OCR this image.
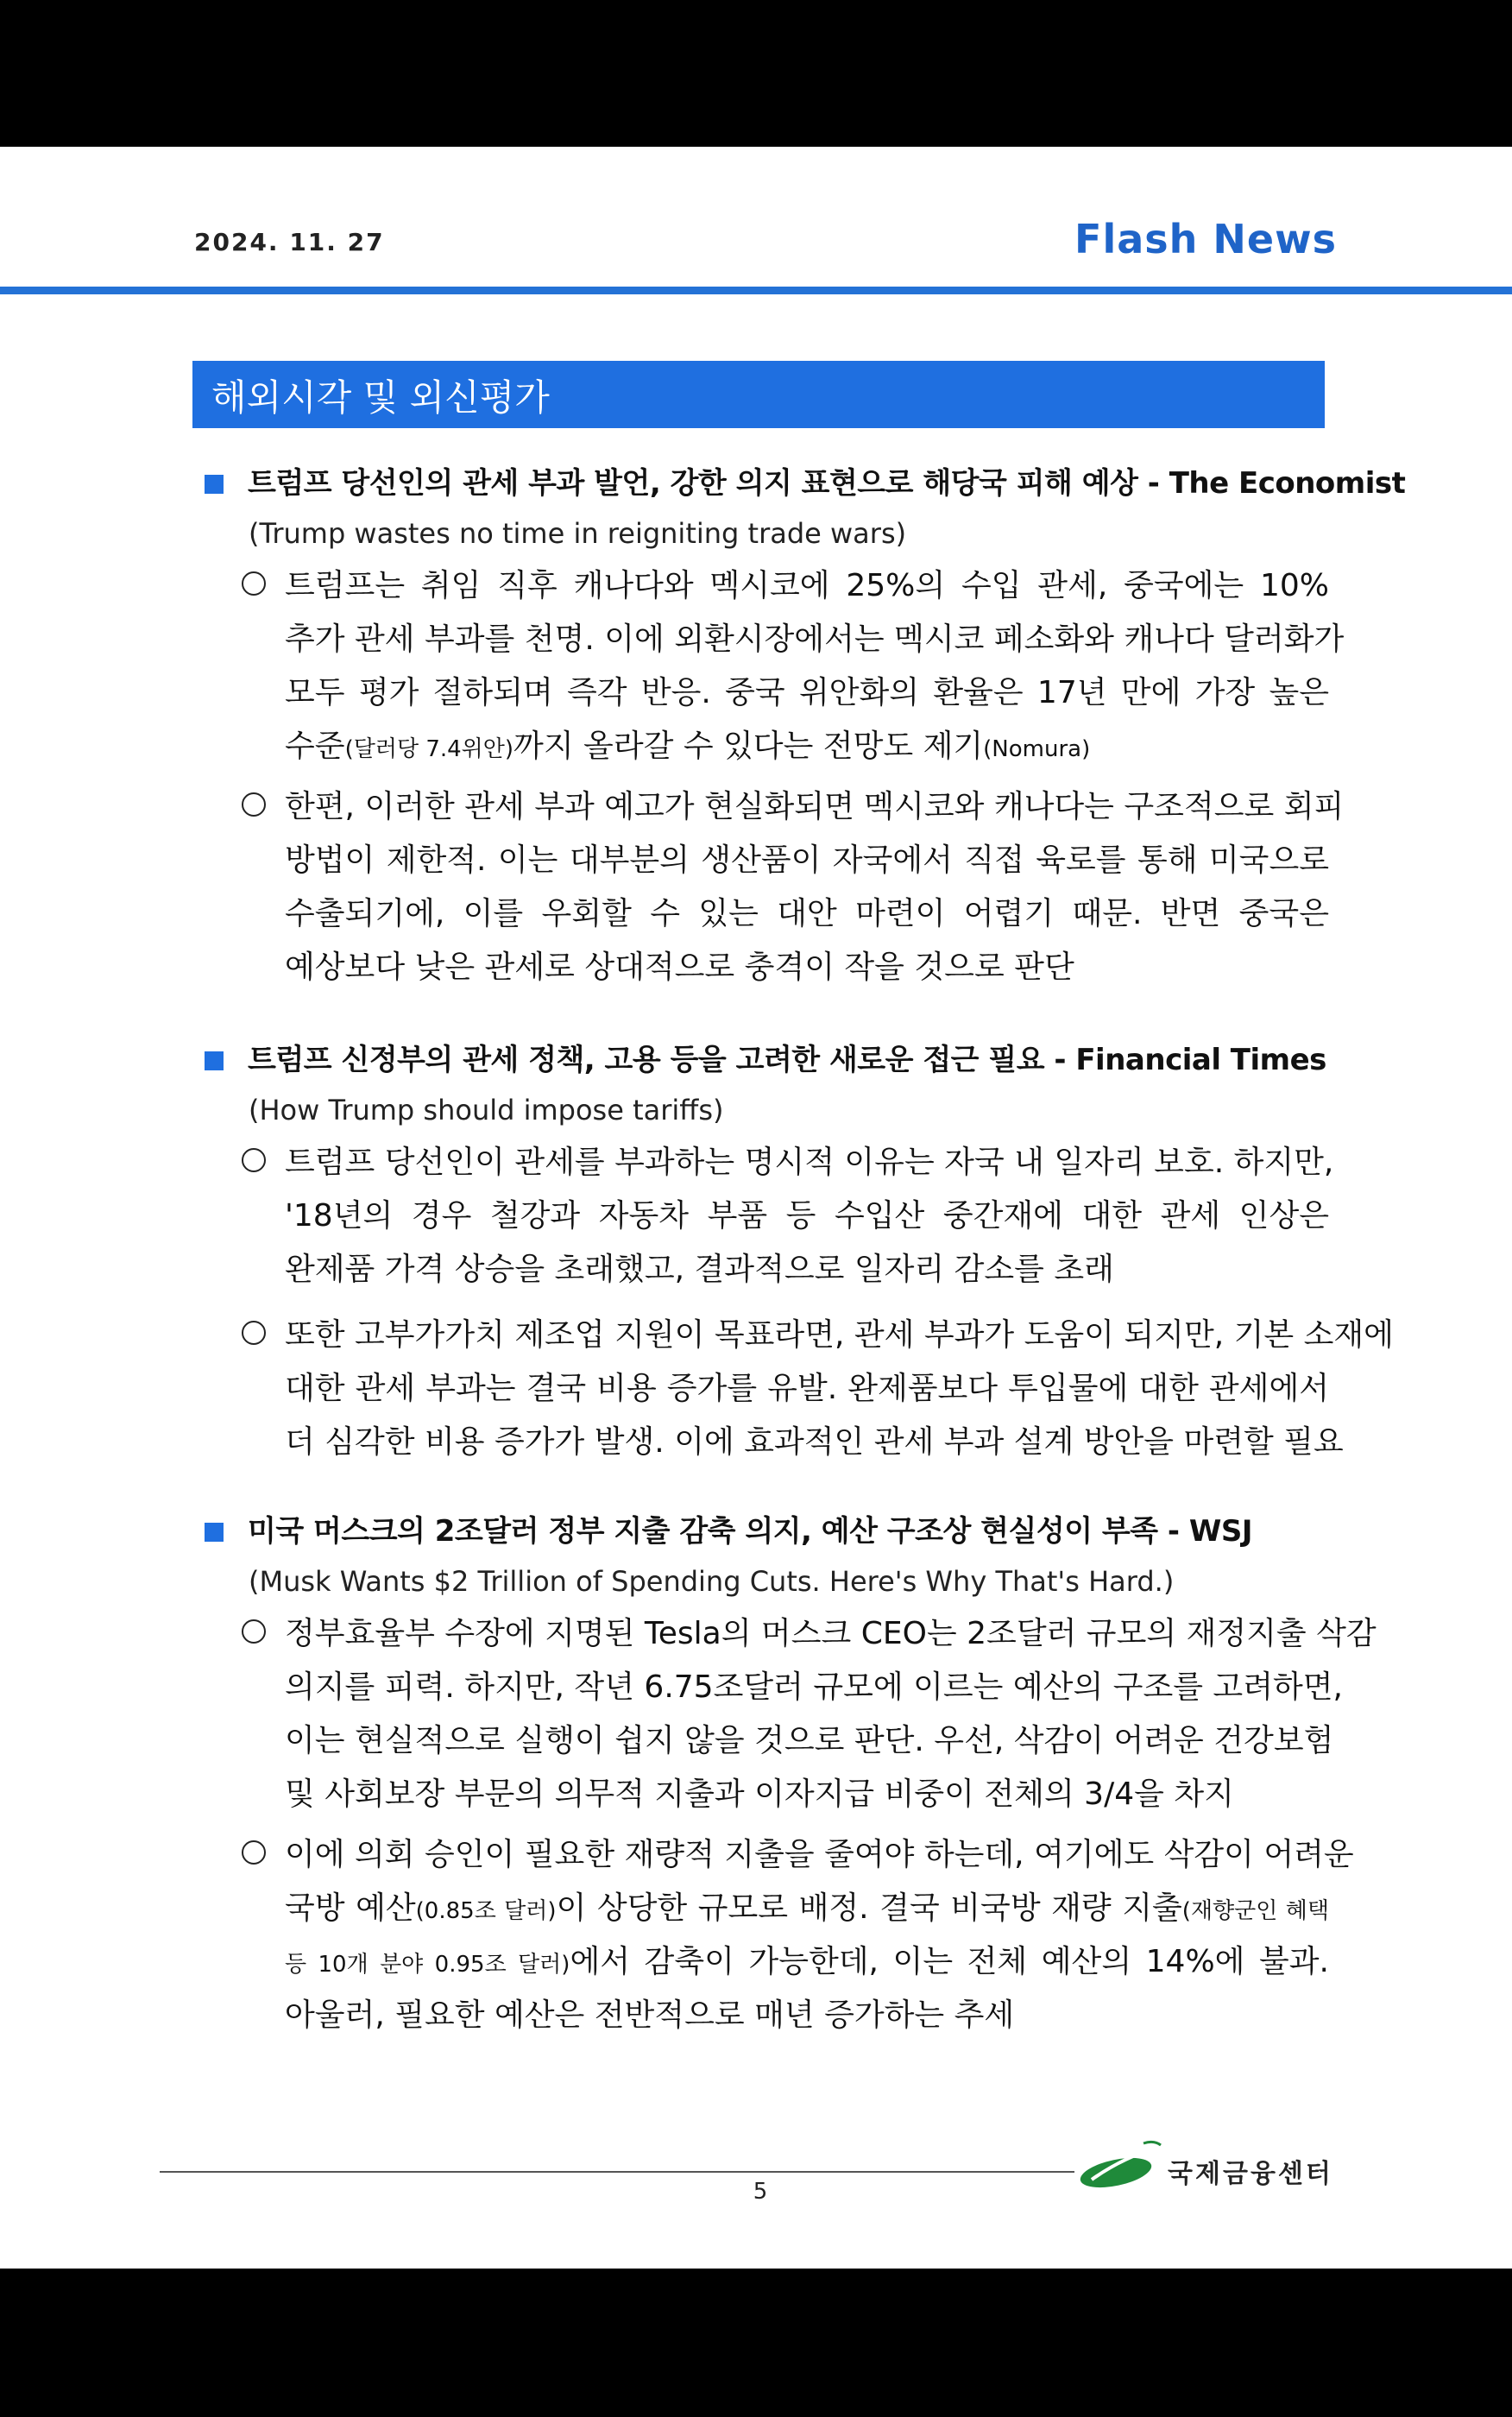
2024. 11. 27	Flash News
해외시각 및 외신평가
트럼프 당선인의 관세 부과 발언, 강한 의지 표현으로 해당국 피해 예상 - The Economist
(Trump wastes no time in reigniting trade wars)
트럼프는 취임 직후 캐나다와 멕시코에 25%의 수입 관세, 중국에는 10%
추가 관세 부과를 천명. 이에 외환시장에서는 멕시코 페소화와 캐나다 달러화가
모두 평가 절하되며 즉각 반응. 중국 위안화의 환율은 17년 만에 가장 높은
수준(달러당 7.4위안)까지 올라갈 수 있다는 전망도 제기(Nomura)
한편, 이러한 관세 부과 예고가 현실화되면 멕시코와 캐나다는 구조적으로 회피
방법이 제한적. 이는 대부분의 생산품이 자국에서 직접 육로를 통해 미국으로
수출되기에, 이를 우회할 수 있는 대안 마련이 어렵기 때문. 반면 중국은
예상보다 낮은 관세로 상대적으로 충격이 작을 것으로 판단
트럼프 신정부의 관세 정책, 고용 등을 고려한 새로운 접근 필요 - Financial Times
(How Trump should impose tariffs)
트럼프 당선인이 관세를 부과하는 명시적 이유는 자국 내 일자리 보호. 하지만,
'18년의 경우 철강과 자동차 부품 등 수입산 중간재에 대한 관세 인상은
완제품 가격 상승을 초래했고, 결과적으로 일자리 감소를 초래
또한 고부가가치 제조업 지원이 목표라면, 관세 부과가 도움이 되지만, 기본 소재에
대한 관세 부과는 결국 비용 증가를 유발. 완제품보다 투입물에 대한 관세에서
더 심각한 비용 증가가 발생. 이에 효과적인 관세 부과 설계 방안을 마련할 필요
미국 머스크의 2조달러 정부 지출 감축 의지, 예산 구조상 현실성이 부족 - WSJ
(Musk Wants $2 Trillion of Spending Cuts. Here's Why That's Hard.)
정부효율부 수장에 지명된 Tesla의 머스크 CEO는 2조달러 규모의 재정지출 삭감
의지를 피력. 하지만, 작년 6.75조달러 규모에 이르는 예산의 구조를 고려하면,
이는 현실적으로 실행이 쉽지 않을 것으로 판단. 우선, 삭감이 어려운 건강보험
및 사회보장 부문의 의무적 지출과 이자지급 비중이 전체의 3/4을 차지
이에 의회 승인이 필요한 재량적 지출을 줄여야 하는데, 여기에도 삭감이 어려운
국방 예산(0.85조 달러)이 상당한 규모로 배정. 결국 비국방 재량 지출(재향군인 혜택
등 10개 분야 0.95조 달러)에서 감축이 가능한데, 이는 전체 예산의 14%에 불과.
아울러, 필요한 예산은 전반적으로 매년 증가하는 추세
국제금융센터
5
